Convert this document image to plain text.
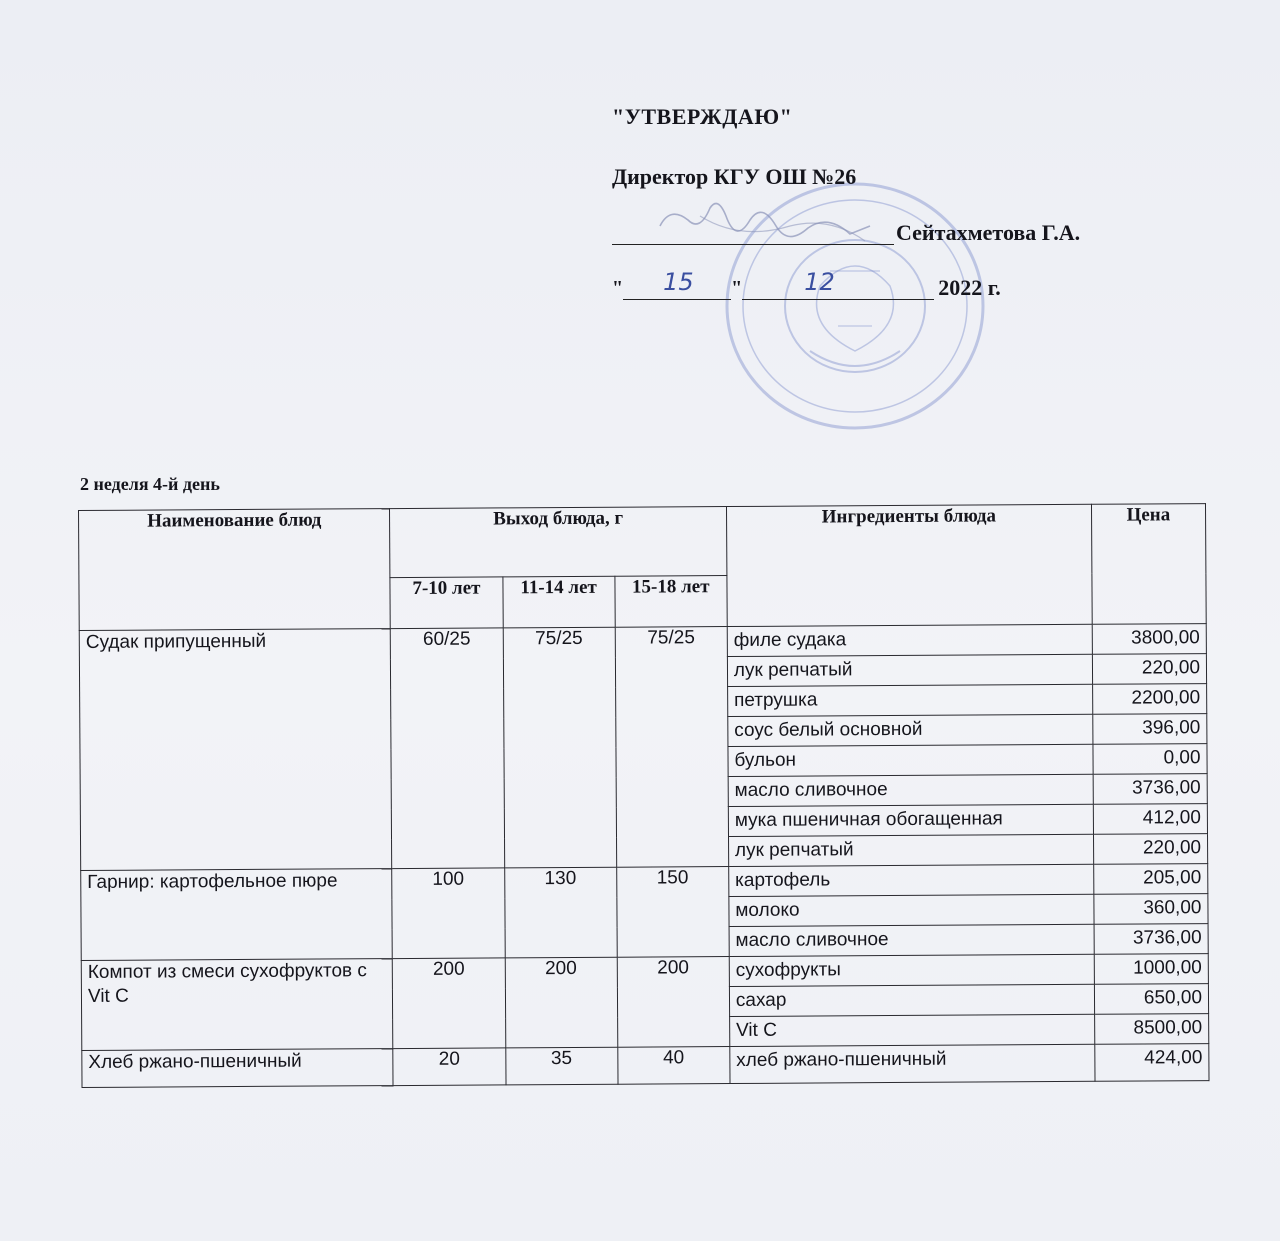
"УТВЕРЖДАЮ"
Директор КГУ ОШ №26
Сейтахметова Г.А.
" 15 "	12	2022 г.
2 неделя 4-й день
Наименование блюд	Выход блюда, г			Ингредиенты блюда	Цена
	7-10 лет	11-14 лет	15-18 лет		
Судак припущенный	60/25	75/25	75/25	филе судака	3800,00
				лук репчатый	220,00
				петрушка	2200,00
				соус белый основной	396,00
				бульон	0,00
				масло сливочное	3736,00
				мука пшеничная обогащенная	412,00
				лук репчатый	220,00
Гарнир: картофельное пюре	100	130	150	картофель	205,00
				молоко	360,00
				масло сливочное	3736,00
Компот из смеси сухофруктов с Vit C	200	200	200	сухофрукты	1000,00
				сахар	650,00
				Vit C	8500,00
Хлеб ржано-пшеничный	20	35	40	хлеб ржано-пшеничный	424,00
